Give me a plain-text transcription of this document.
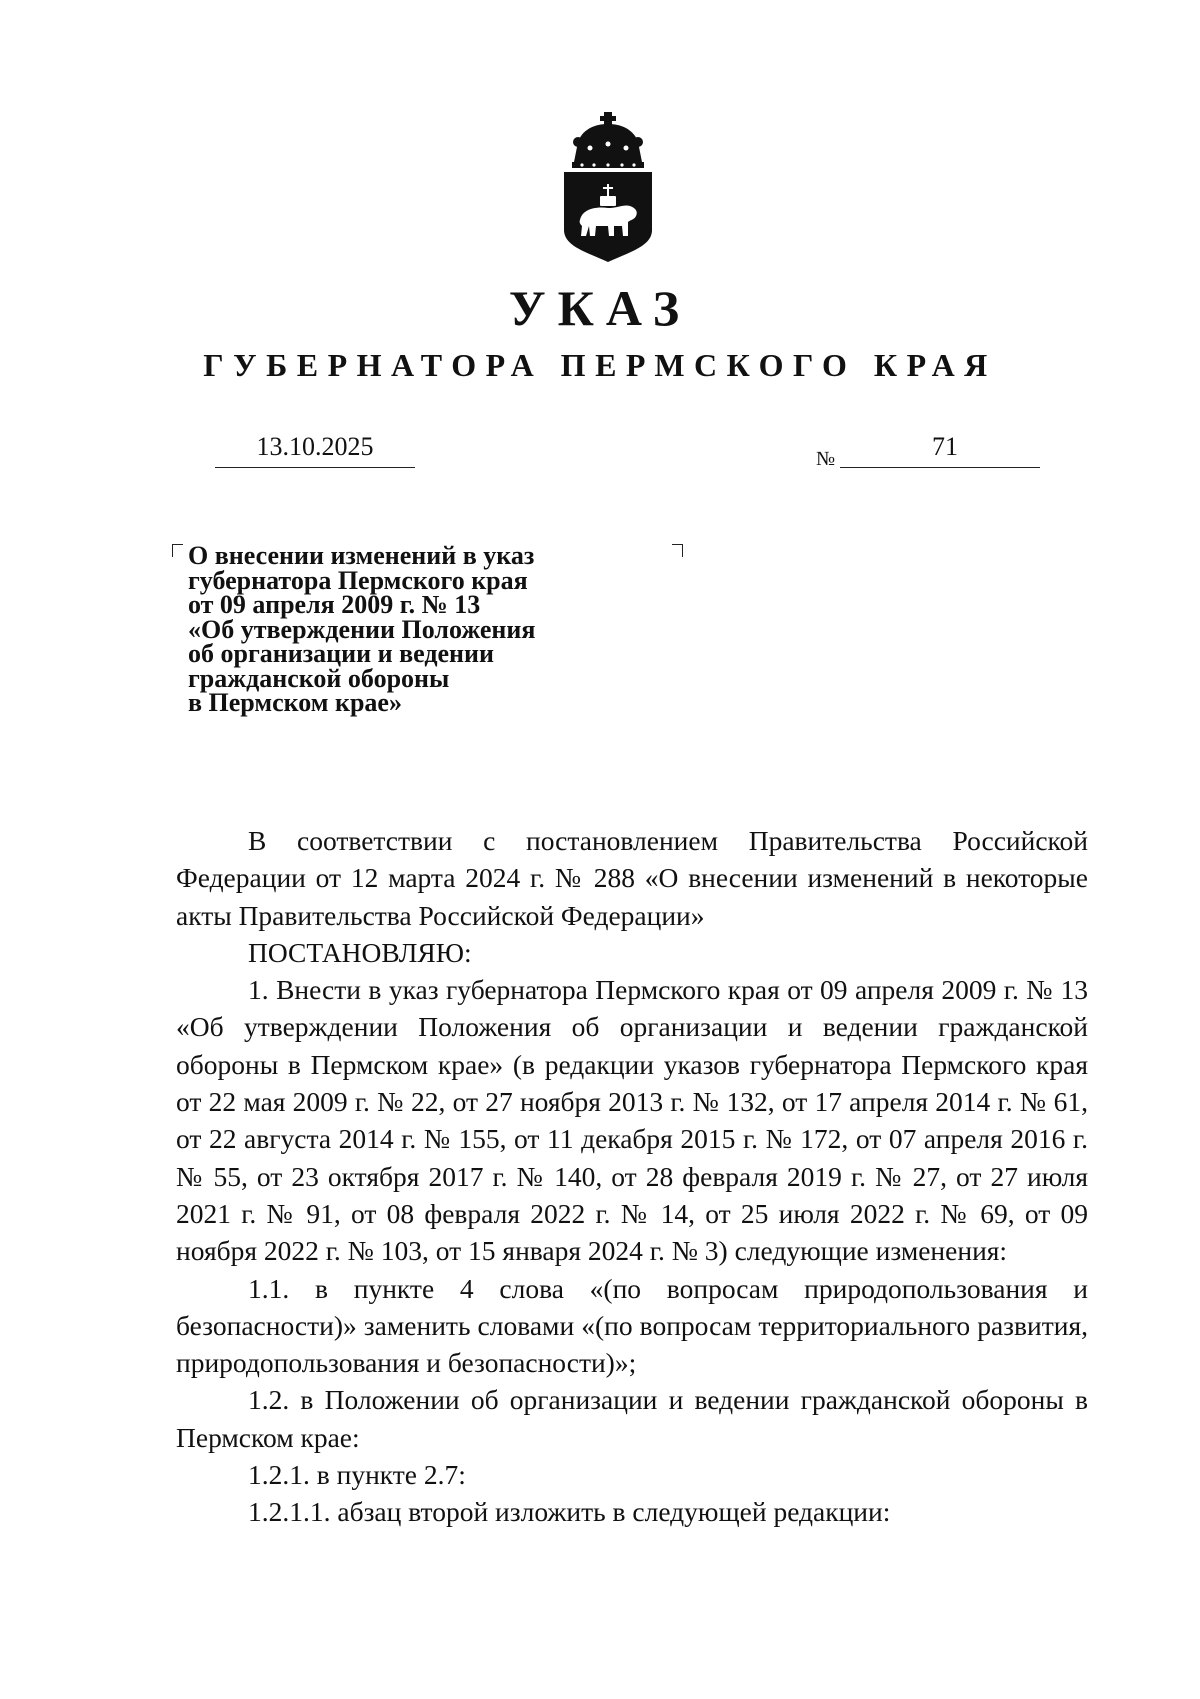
УКАЗ
ГУБЕРНАТОРА ПЕРМСКОГО КРАЯ
13.10.2025	№	71
О внесении изменений в указ
губернатора Пермского края
от 09 апреля 2009 г. № 13
«Об утверждении Положения
об организации и ведении
гражданской обороны
в Пермском крае»

В соответствии с постановлением Правительства Российской Федерации от 12 марта 2024 г. № 288 «О внесении изменений в некоторые акты Правительства Российской Федерации»

ПОСТАНОВЛЯЮ:

1. Внести в указ губернатора Пермского края от 09 апреля 2009 г. № 13 «Об утверждении Положения об организации и ведении гражданской обороны в Пермском крае» (в редакции указов губернатора Пермского края от 22 мая 2009 г. № 22, от 27 ноября 2013 г. № 132, от 17 апреля 2014 г. № 61, от 22 августа 2014 г. № 155, от 11 декабря 2015 г. № 172, от 07 апреля 2016 г. № 55, от 23 октября 2017 г. № 140, от 28 февраля 2019 г. № 27, от 27 июля 2021 г. № 91, от 08 февраля 2022 г. № 14, от 25 июля 2022 г. № 69, от 09 ноября 2022 г. № 103, от 15 января 2024 г. № 3) следующие изменения:

1.1. в пункте 4 слова «(по вопросам природопользования и безопасности)» заменить словами «(по вопросам территориального развития, природопользования и безопасности)»;

1.2. в Положении об организации и ведении гражданской обороны в Пермском крае:

1.2.1. в пункте 2.7:

1.2.1.1. абзац второй изложить в следующей редакции:
